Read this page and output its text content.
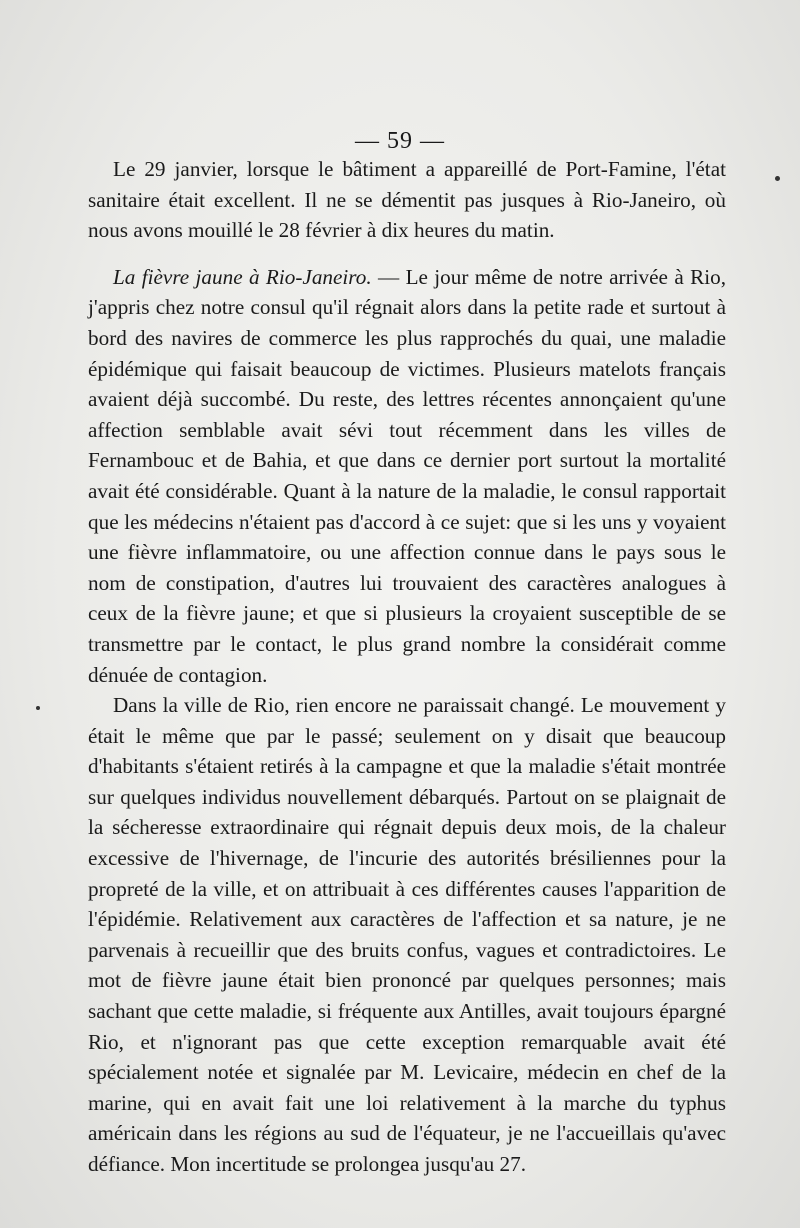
— 59 —

Le 29 janvier, lorsque le bâtiment a appareillé de Port-Famine, l'état sanitaire était excellent. Il ne se démentit pas jusques à Rio-Janeiro, où nous avons mouillé le 28 février à dix heures du matin.

La fièvre jaune à Rio-Janeiro. — Le jour même de notre arrivée à Rio, j'appris chez notre consul qu'il régnait alors dans la petite rade et surtout à bord des navires de commerce les plus rapprochés du quai, une maladie épidémique qui faisait beaucoup de victimes. Plusieurs matelots français avaient déjà succombé. Du reste, des lettres récentes annonçaient qu'une affection semblable avait sévi tout récemment dans les villes de Fernambouc et de Bahia, et que dans ce dernier port surtout la mortalité avait été considérable. Quant à la nature de la maladie, le consul rapportait que les médecins n'étaient pas d'accord à ce sujet: que si les uns y voyaient une fièvre inflammatoire, ou une affection connue dans le pays sous le nom de constipation, d'autres lui trouvaient des caractères analogues à ceux de la fièvre jaune; et que si plusieurs la croyaient susceptible de se transmettre par le contact, le plus grand nombre la considérait comme dénuée de contagion.

Dans la ville de Rio, rien encore ne paraissait changé. Le mouvement y était le même que par le passé; seulement on y disait que beaucoup d'habitants s'étaient retirés à la campagne et que la maladie s'était montrée sur quelques individus nouvellement débarqués. Partout on se plaignait de la sécheresse extraordinaire qui régnait depuis deux mois, de la chaleur excessive de l'hivernage, de l'incurie des autorités brésiliennes pour la propreté de la ville, et on attribuait à ces différentes causes l'apparition de l'épidémie. Relativement aux caractères de l'affection et sa nature, je ne parvenais à recueillir que des bruits confus, vagues et contradictoires. Le mot de fièvre jaune était bien prononcé par quelques personnes; mais sachant que cette maladie, si fréquente aux Antilles, avait toujours épargné Rio, et n'ignorant pas que cette exception remarquable avait été spécialement notée et signalée par M. Levicaire, médecin en chef de la marine, qui en avait fait une loi relativement à la marche du typhus américain dans les régions au sud de l'équateur, je ne l'accueillais qu'avec défiance. Mon incertitude se prolongea jusqu'au 27.
